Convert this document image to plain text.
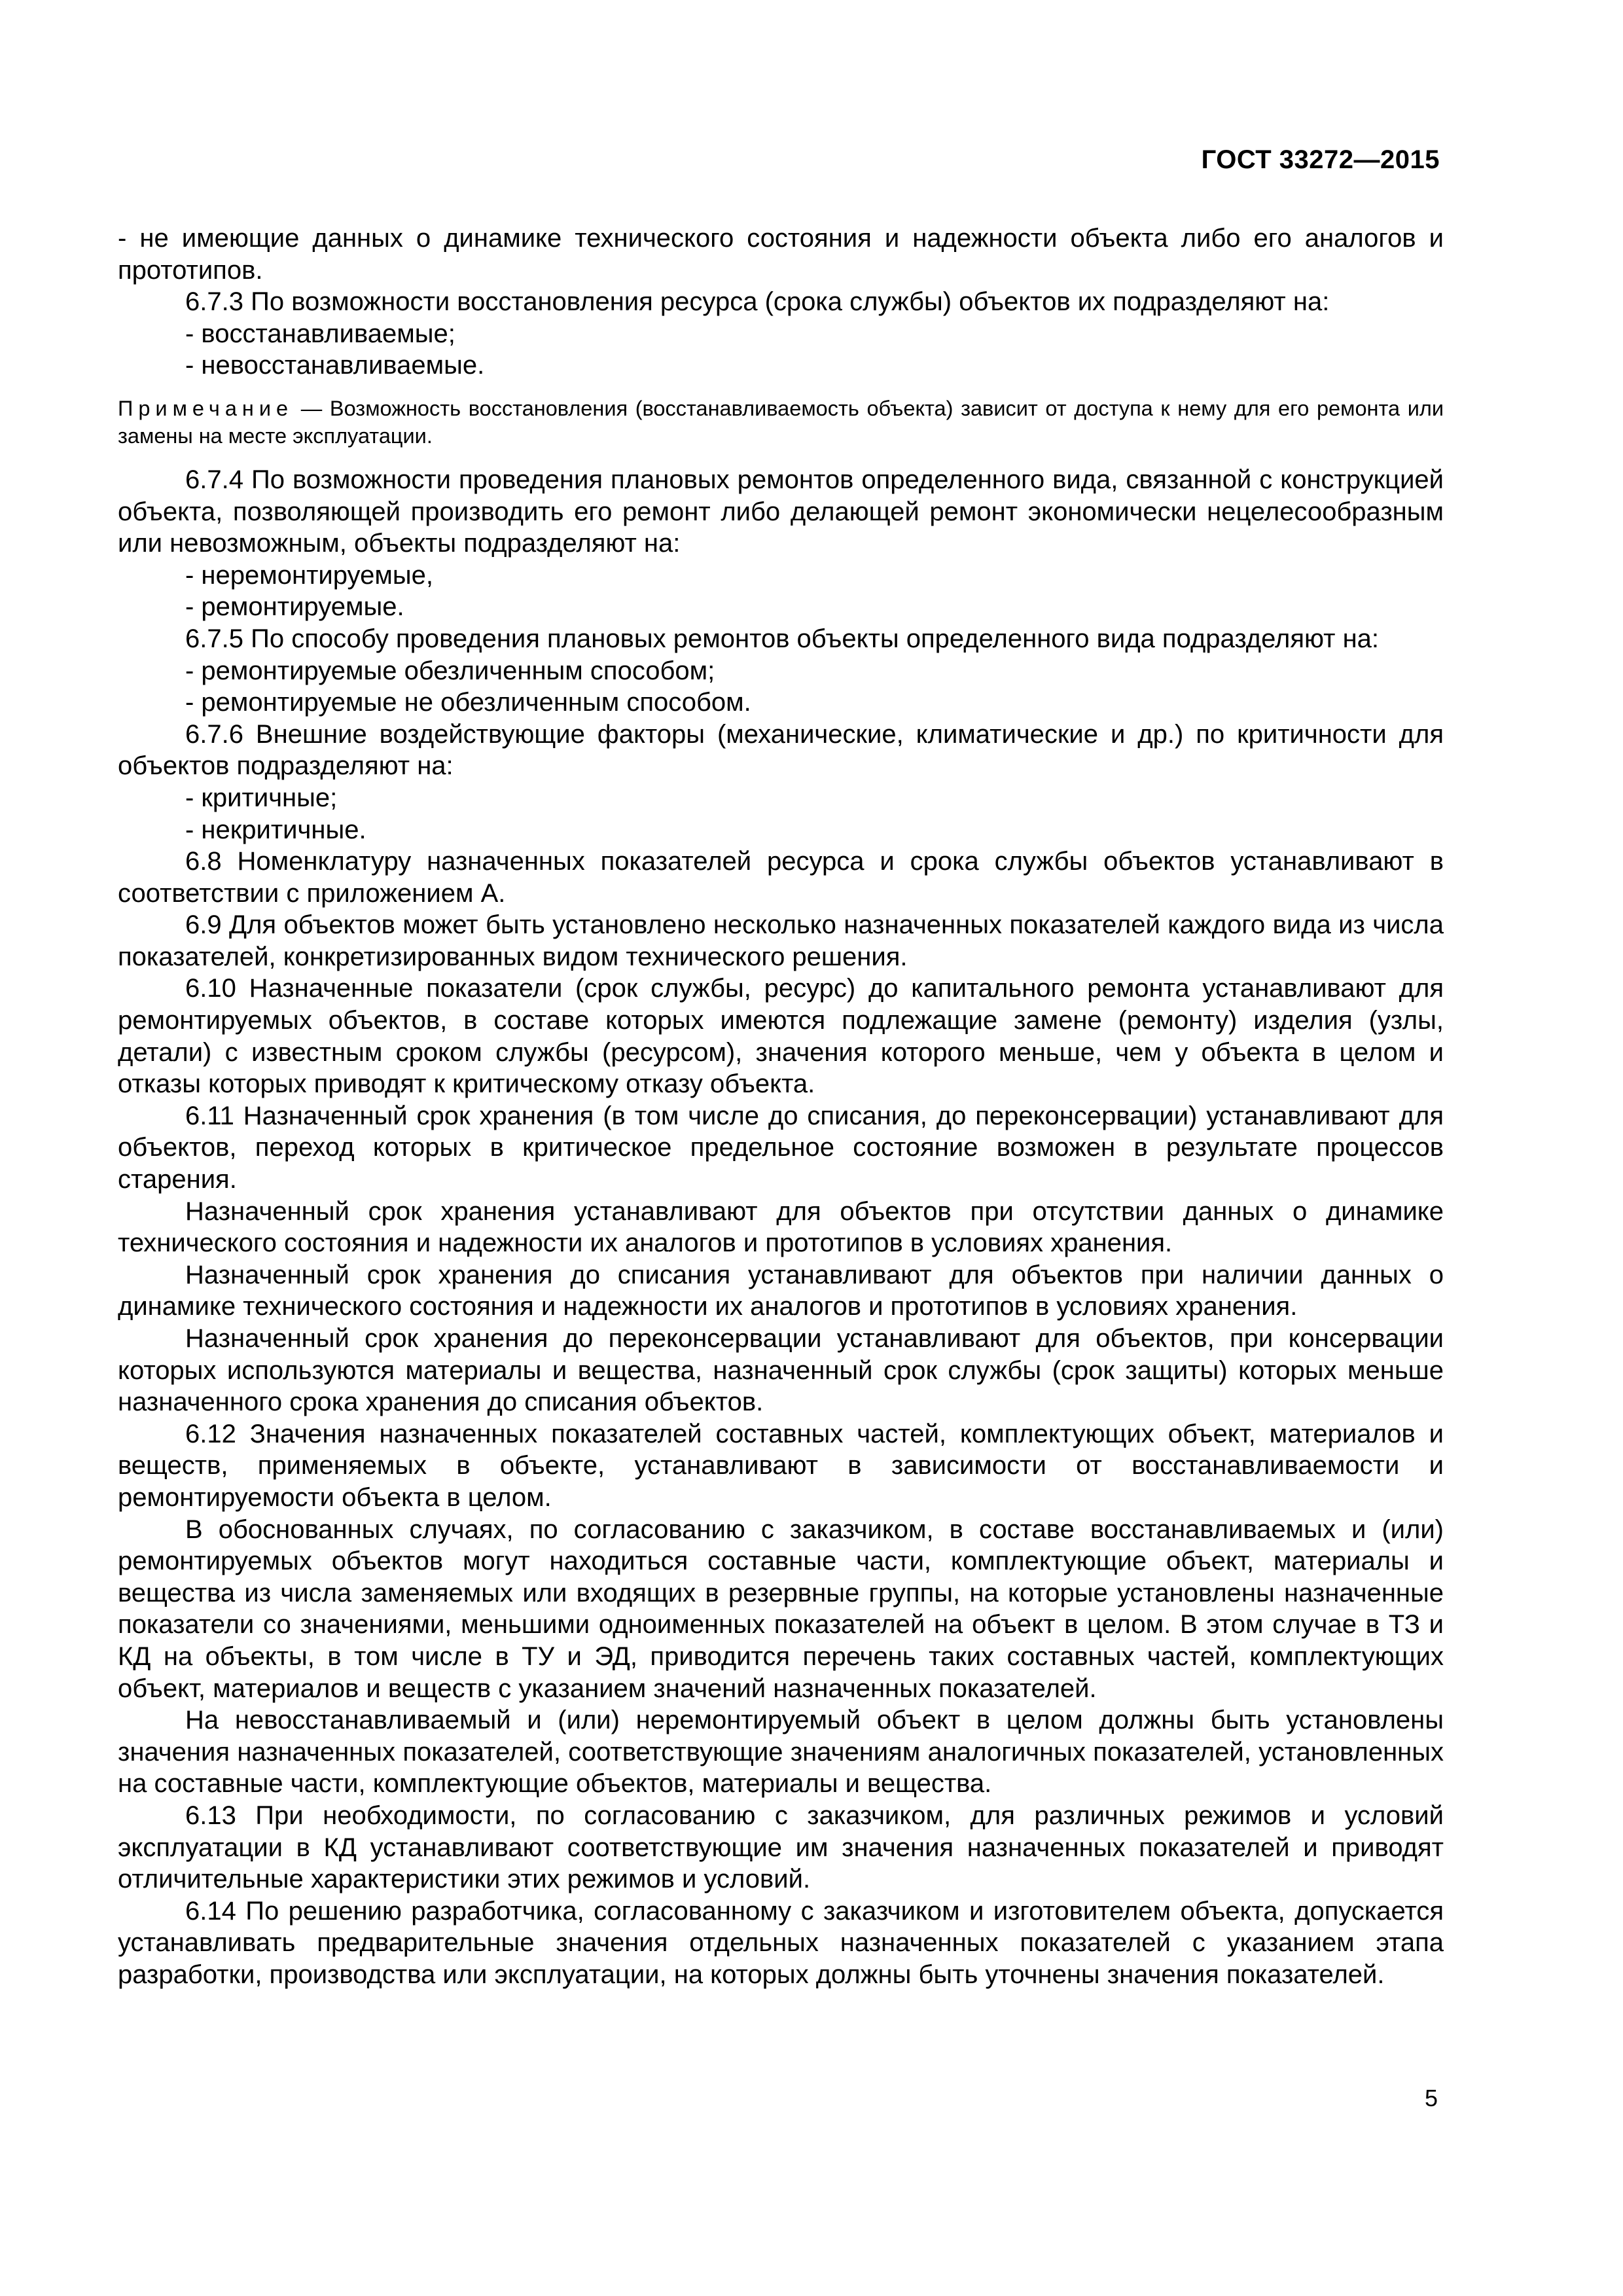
ГОСТ 33272—2015

- не имеющие данных о динамике технического состояния и надежности объекта либо его аналогов и прототипов.

6.7.3 По возможности восстановления ресурса (срока службы) объектов их подразделяют на:

- восстанавливаемые;

- невосстанавливаемые.

Примечание — Возможность восстановления (восстанавливаемость объекта) зависит от доступа к нему для его ремонта или замены на месте эксплуатации.

6.7.4 По возможности проведения плановых ремонтов определенного вида, связанной с конструкцией объекта, позволяющей производить его ремонт либо делающей ремонт экономически нецелесообразным или невозможным, объекты подразделяют на:

- неремонтируемые,

- ремонтируемые.

6.7.5 По способу проведения плановых ремонтов объекты определенного вида подразделяют на:

- ремонтируемые обезличенным способом;

- ремонтируемые не обезличенным способом.

6.7.6 Внешние воздействующие факторы (механические, климатические и др.) по критичности для объектов подразделяют на:

- критичные;

- некритичные.

6.8 Номенклатуру назначенных показателей ресурса и срока службы объектов устанавливают в соответствии с приложением А.

6.9 Для объектов может быть установлено несколько назначенных показателей каждого вида из числа показателей, конкретизированных видом технического решения.

6.10 Назначенные показатели (срок службы, ресурс) до капитального ремонта устанавливают для ремонтируемых объектов, в составе которых имеются подлежащие замене (ремонту) изделия (узлы, детали) с известным сроком службы (ресурсом), значения которого меньше, чем у объекта в целом и отказы которых приводят к критическому отказу объекта.

6.11 Назначенный срок хранения (в том числе до списания, до переконсервации) устанавливают для объектов, переход которых в критическое предельное состояние возможен в результате процессов старения.

Назначенный срок хранения устанавливают для объектов при отсутствии данных о динамике технического состояния и надежности их аналогов и прототипов в условиях хранения.

Назначенный срок хранения до списания устанавливают для объектов при наличии данных о динамике технического состояния и надежности их аналогов и прототипов в условиях хранения.

Назначенный срок хранения до переконсервации устанавливают для объектов, при консервации которых используются материалы и вещества, назначенный срок службы (срок защиты) которых меньше назначенного срока хранения до списания объектов.

6.12 Значения назначенных показателей составных частей, комплектующих объект, материалов и веществ, применяемых в объекте, устанавливают в зависимости от восстанавливаемости и ремонтируемости объекта в целом.

В обоснованных случаях, по согласованию с заказчиком, в составе восстанавливаемых и (или) ремонтируемых объектов могут находиться составные части, комплектующие объект, материалы и вещества из числа заменяемых или входящих в резервные группы, на которые установлены назначенные показатели со значениями, меньшими одноименных показателей на объект в целом. В этом случае в ТЗ и КД на объекты, в том числе в ТУ и ЭД, приводится перечень таких составных частей, комплектующих объект, материалов и веществ с указанием значений назначенных показателей.

На невосстанавливаемый и (или) неремонтируемый объект в целом должны быть установлены значения назначенных показателей, соответствующие значениям аналогичных показателей, установленных на составные части, комплектующие объектов, материалы и вещества.

6.13 При необходимости, по согласованию с заказчиком, для различных режимов и условий эксплуатации в КД устанавливают соответствующие им значения назначенных показателей и приводят отличительные характеристики этих режимов и условий.

6.14 По решению разработчика, согласованному с заказчиком и изготовителем объекта, допускается устанавливать предварительные значения отдельных назначенных показателей с указанием этапа разработки, производства или эксплуатации, на которых должны быть уточнены значения показателей.

5
